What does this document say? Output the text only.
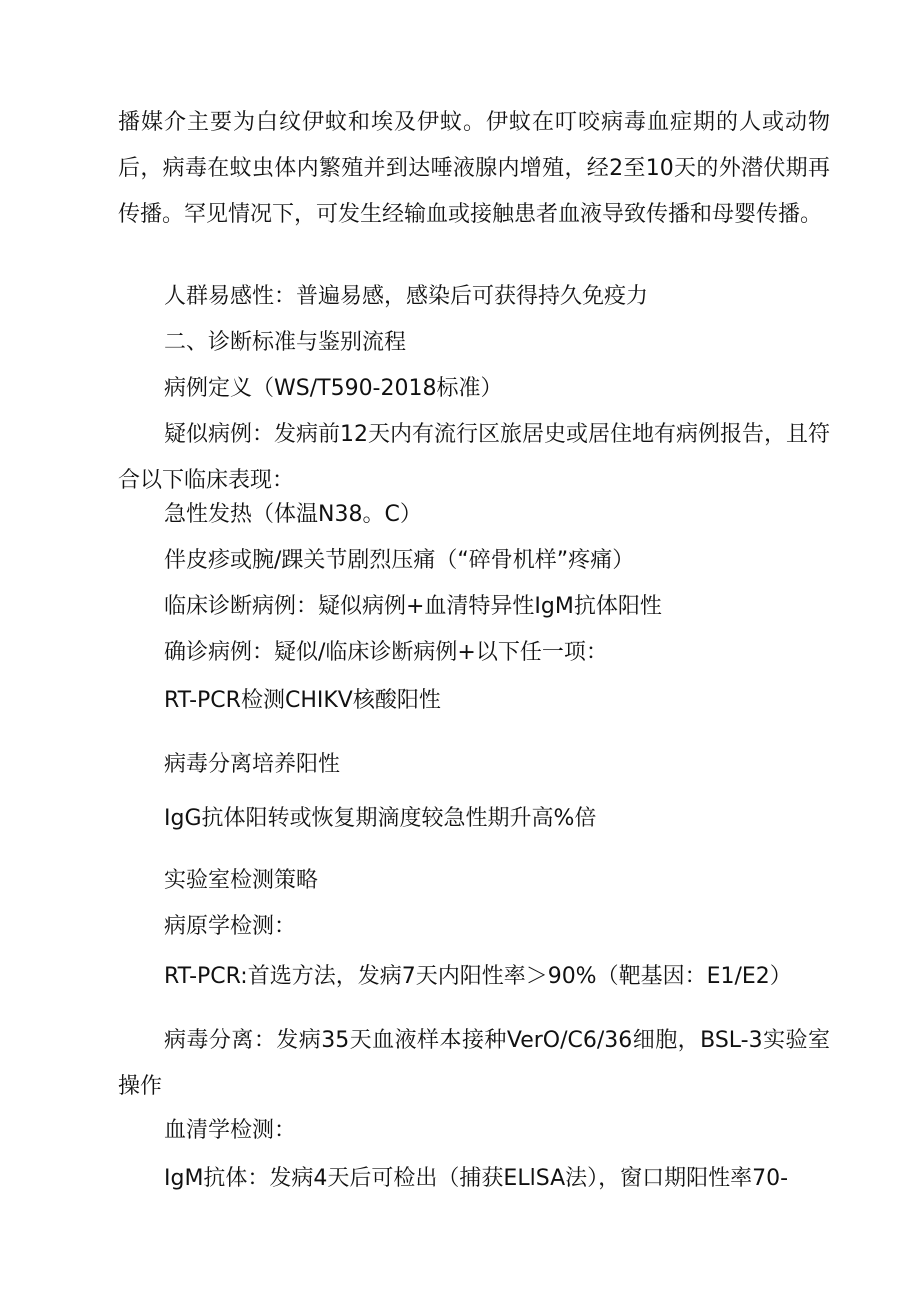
播媒介主要为白纹伊蚊和埃及伊蚊。伊蚊在叮咬病毒血症期的人或动物后，病毒在蚊虫体内繁殖并到达唾液腺内增殖，经2至10天的外潜伏期再传播。罕见情况下，可发生经输血或接触患者血液导致传播和母婴传播。

人群易感性：普遍易感，感染后可获得持久免疫力

二、诊断标准与鉴别流程

病例定义（WS/T590-2018标准）

疑似病例：发病前12天内有流行区旅居史或居住地有病例报告，且符合以下临床表现：

急性发热（体温N38。C）

伴皮疹或腕/踝关节剧烈压痛（“碎骨机样”疼痛）

临床诊断病例：疑似病例+血清特异性IgM抗体阳性

确诊病例：疑似/临床诊断病例+以下任一项：

RT-PCR检测CHIKV核酸阳性

病毒分离培养阳性

IgG抗体阳转或恢复期滴度较急性期升高%倍

实验室检测策略

病原学检测：

RT-PCR:首选方法，发病7天内阳性率＞90%（靶基因：E1/E2）

病毒分离：发病35天血液样本接种VerO/C6/36细胞，BSL-3实验室操作

血清学检测：

IgM抗体：发病4天后可检出（捕获ELlSA法），窗口期阳性率70-
